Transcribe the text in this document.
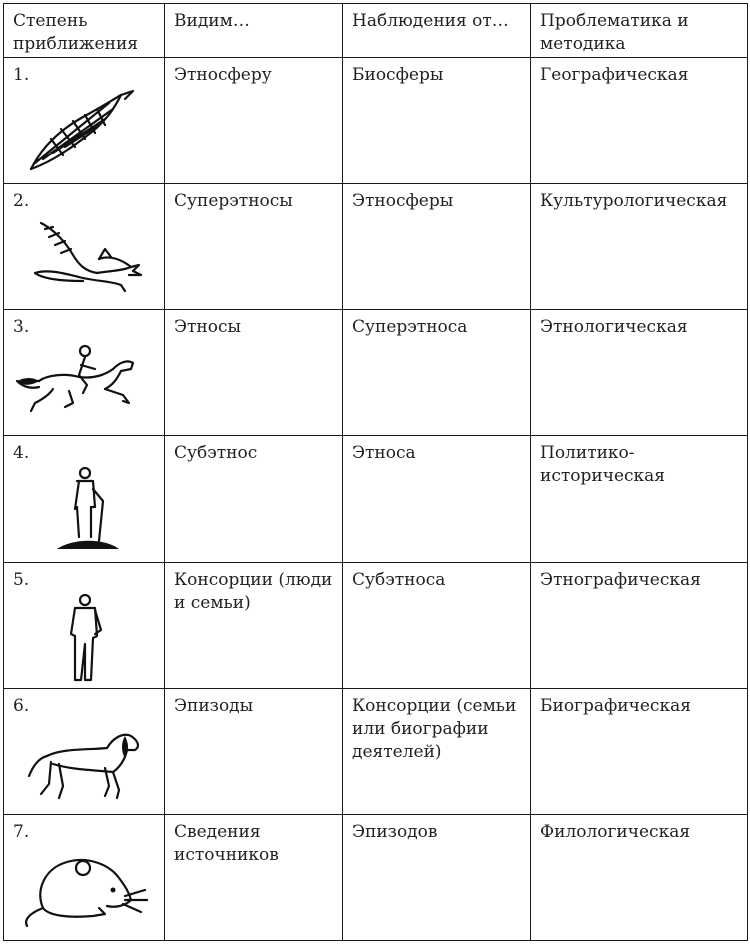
Степень приближения	Видим…	Наблюдения от…	Проблематика и методика

1.	Этносферу	Биосферы	Географическая

2.	Суперэтносы	Этносферы	Культурологическая

3.	Этносы	Суперэтноса	Этнологическая

4.	Субэтнос	Этноса	Политико-историческая

5.	Консорции (люди и семьи)	Субэтноса	Этнографическая

6.	Эпизоды	Консорции (семьи или биографии деятелей)	Биографическая

7.	Сведения источников	Эпизодов	Филологическая
